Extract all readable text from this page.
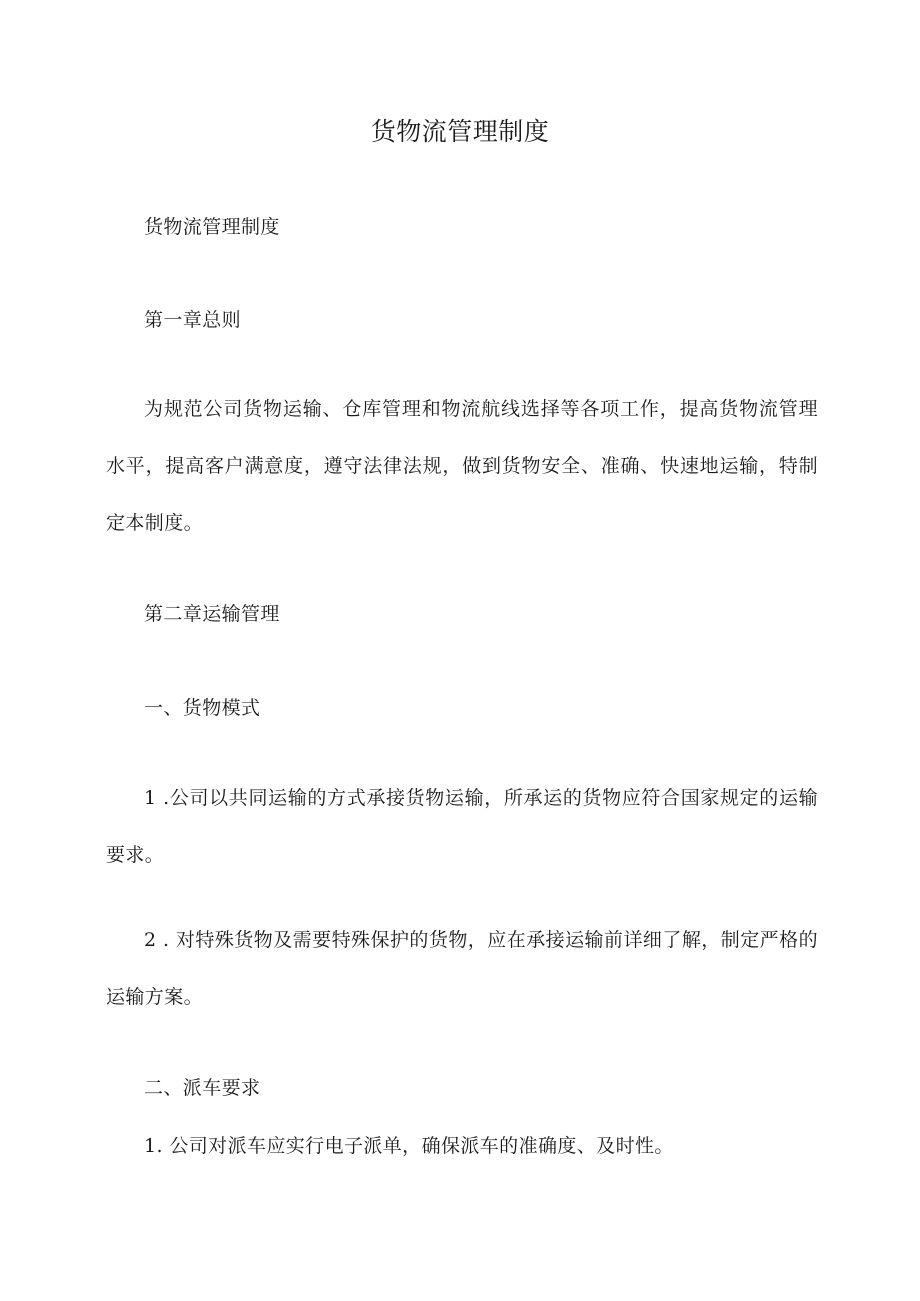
货物流管理制度

货物流管理制度

第一章总则

为规范公司货物运输、仓库管理和物流航线选择等各项工作，提高货物流管理水平，提高客户满意度，遵守法律法规，做到货物安全、准确、快速地运输，特制定本制度。

第二章运输管理

一、货物模式

1 .公司以共同运输的方式承接货物运输，所承运的货物应符合国家规定的运输要求。

2 . 对特殊货物及需要特殊保护的货物，应在承接运输前详细了解，制定严格的运输方案。

二、派车要求

1. 公司对派车应实行电子派单，确保派车的准确度、及时性。
